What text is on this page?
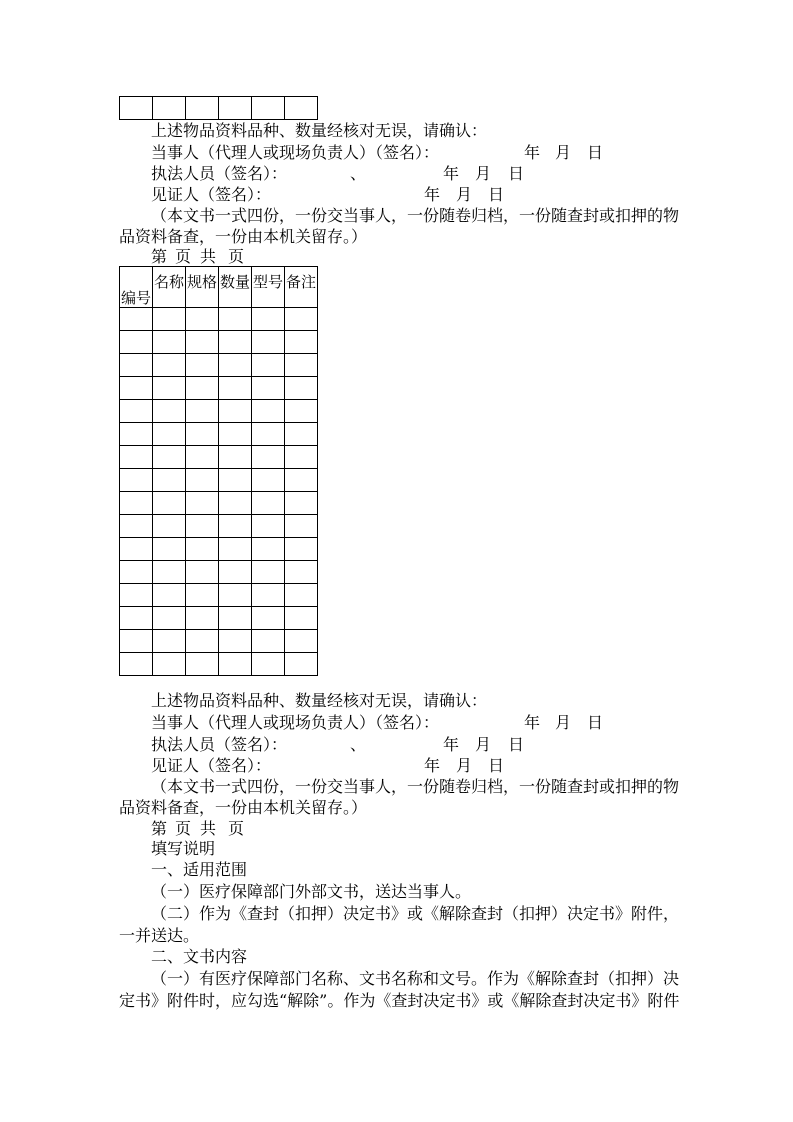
上述物品资料品种、数量经核对无误，请确认：
当事人（代理人或现场负责人）（签名）：	年 月 日
执法人员（签名）：	、	年 月 日
见证人（签名）：	年 月 日
（本文书一式四份，一份交当事人，一份随卷归档，一份随查封或扣押的物
品资料备查，一份由本机关留存。）
第 页 共 页
编号	名称	规格	数量	型号	备注

上述物品资料品种、数量经核对无误，请确认：
当事人（代理人或现场负责人）（签名）：	年 月 日
执法人员（签名）：	、	年 月 日
见证人（签名）：	年 月 日
（本文书一式四份，一份交当事人，一份随卷归档，一份随查封或扣押的物
品资料备查，一份由本机关留存。）
第 页 共 页
填写说明
一、适用范围
（一）医疗保障部门外部文书，送达当事人。
（二）作为《查封（扣押）决定书》或《解除查封（扣押）决定书》附件，
一并送达。
二、文书内容
（一）有医疗保障部门名称、文书名称和文号。作为《解除查封（扣押）决
定书》附件时，应勾选“解除”。作为《查封决定书》或《解除查封决定书》附件
